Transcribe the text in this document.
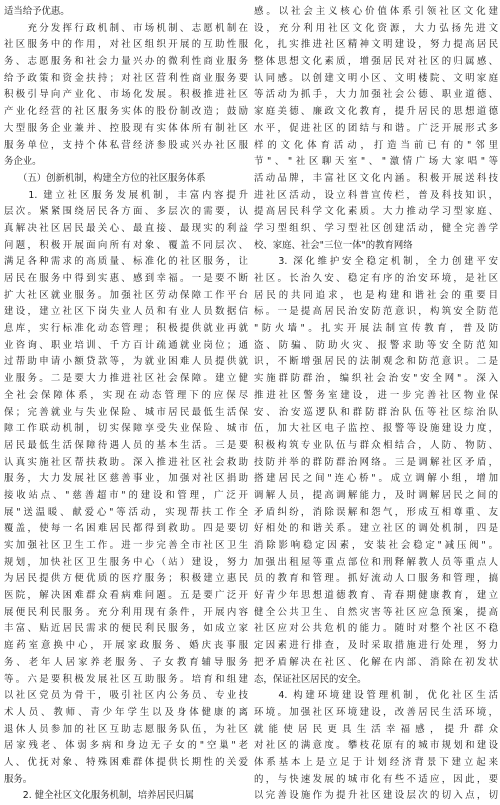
适当给予优惠。
　　充分发挥行政机制、市场机制、志愿机制在
社区服务中的作用，对社区组织开展的互助性服
务、志愿服务和社会力量兴办的微利性商业服务
给予政策和资金扶持；对社区营利性商业服务要
积极引导向产业化、市场化发展。积极推进社区
产业化经营的社区服务实体的股份制改造；鼓励
大型服务企业兼并、控股现有实体体所有制社区
服务单位，支持个体私营经济参股或兴办社区服
务企业。
　　（五）创新机制，构建全方位的社区服务体系
　　1. 建立社区服务发展机制，丰富内容提升
层次。紧紧围绕居民各方面、多层次的需要，认
真解决社区居民最关心、最直接、最现实的利益
问题，积极开展面向所有对象、覆盖不同层次、
满足各种需求的高质量、标准化的社区服务，让
居民在服务中得到实惠、感到幸福。一是要不断
扩大社区就业服务。加强社区劳动保障工作平台
建设，建立社区下岗失业人员和有业人员数据信
息库，实行标准化动态管理；积极提供就业再就
业咨询、职业培训、千方百计疏通就业岗位；通
过帮助申请小额贷款等，为就业困难人员提供就
业服务。二是要大力推进社区社会保障。建立健
全社会保障体系，实现在动态管理下的应保尽
保；完善就业与失业保险、城市居民最低生活保
障工作联动机制，切实保障享受失业保险、城市
居民最低生活保障待遇人员的基本生活。三是要
认真实施社区帮扶救助。深入推进社区社会救助
服务，大力发展社区慈善事业，加强对社区捐助
接收站点、"慈善超市"的建设和管理，广泛开
展"送温暖、献爱心"等活动，实现帮扶工作全
覆盖，使每一名困难居民都得到救助。四是要切
实加强社区卫生工作。进一步完善全市社区卫生
规划，加快社区卫生服务中心（站）建设，努力
为居民提供方便优质的医疗服务；积极建立惠民
医院，解决困难群众看病难问题。五是要广泛开
展便民利民服务。充分利用现有条件，开展内容
丰富、贴近居民需求的便民利民服务，如成立家
庭药室意换中心，开展家政服务、婚庆丧事服
务、老年人居家养老服务、子女教育辅导服务
等。六是要积极发展社区互助服务。培育和组建
以社区党员为骨干，吸引社区内公务员、专业技
术人员、教师、青少年学生以及身体健康的离
退休人员参加的社区互助志愿服务队伍，为社区
居家残老、体弱多病和身边无子女的"空巢"老
人、优抚对象、特殊困难群体提供长期性的关爱
服务。
　　2. 健全社区文化服务机制，培养居民归属
感。以社会主义核心价值体系引领社区文化建
设，充分利用社区文化资源，大力弘扬先进文
化，扎实推进社区精神文明建设，努力提高居民
整体思想文化素质，增强居民对社区的归属感、
认同感。以创建文明小区、文明楼院、文明家庭
等活动为抓手，大力加强社会公德、职业道德、
家庭美德、廉政文化教育，提升居民的思想道德
水平，促进社区的团结与和谐。广泛开展形式多
样的文化体育活动，打造当前已有的"邻里
节"、"社区聊天室"、"激情广场大家唱"等
活动品牌，丰富社区文化内涵。积极开展送科技
进社区活动，设立科普宣传栏，普及科技知识，
提高居民科学文化素质。大力推动学习型家庭、
学习型组织、学习型社区创建活动，健全完善学
校、家庭、社会"三位一体"的教育网络
　　3. 深化维护安全稳定机制，全力创建平安
社区。长治久安、稳定有序的治安环境，是社区
居民的共同追求，也是构建和谐社会的重要目
标。一是提高居民治安防范意识，构筑安全防范
"防火墙"。扎实开展法制宣传教育，普及防
盗、防骗、防助火灾、报警求助等安全防范知
识，不断增强居民的法制观念和防范意识。二是
实施群防群治，编织社会治安"安全网"。深入
推进社区警务室建设，进一步完善社区物业保
安、治安巡逻队和群防群治队伍等社区综治队
伍，加大社区电子监控、报警等设施建设力度，
积极构筑专业队伍与群众相结合，人防、物防、
技防并举的群防群治网络。三是调解社区矛盾，
搭建居民之间"连心桥"。成立调解小组，增加
调解人员，提高调解能力，及时调解居民之间的
矛盾纠纷，消除误解和怨气，形成互相尊重、友
好相处的和谐关系。建立社区的调处机制，四是
消除影响稳定因素，安装社会稳定"减压阀"。
加强出租屋等重点部位和刑释解教人员等重点人
员的教育和管理。抓好流动人口服务和管理，搞
好青少年思想道德教育、青春期健康教育，建立
健全公共卫生、自然灾害等社区应急预案，提高
社区应对公共危机的能力。随时对整个社区不稳
定因素进行排查，及时采取措施进行处理，努力
把矛盾解决在社区、化解在内部、消除在初发状
态，保证社区居民的安全。
　　4. 构建环境建设管理机制，优化社区生活
环境。加强社区环境建设，改善居民生活环境，
就能使居民更具生活幸福感，提升群众
对社区的满意度。攀枝花原有的城市规划和建设
体系基本上是立足于计划经济背景下建立起来
的，与快速发展的城市化有些不适应，因此，要
以完善设施作为提升社区建设层次的切入点，切
